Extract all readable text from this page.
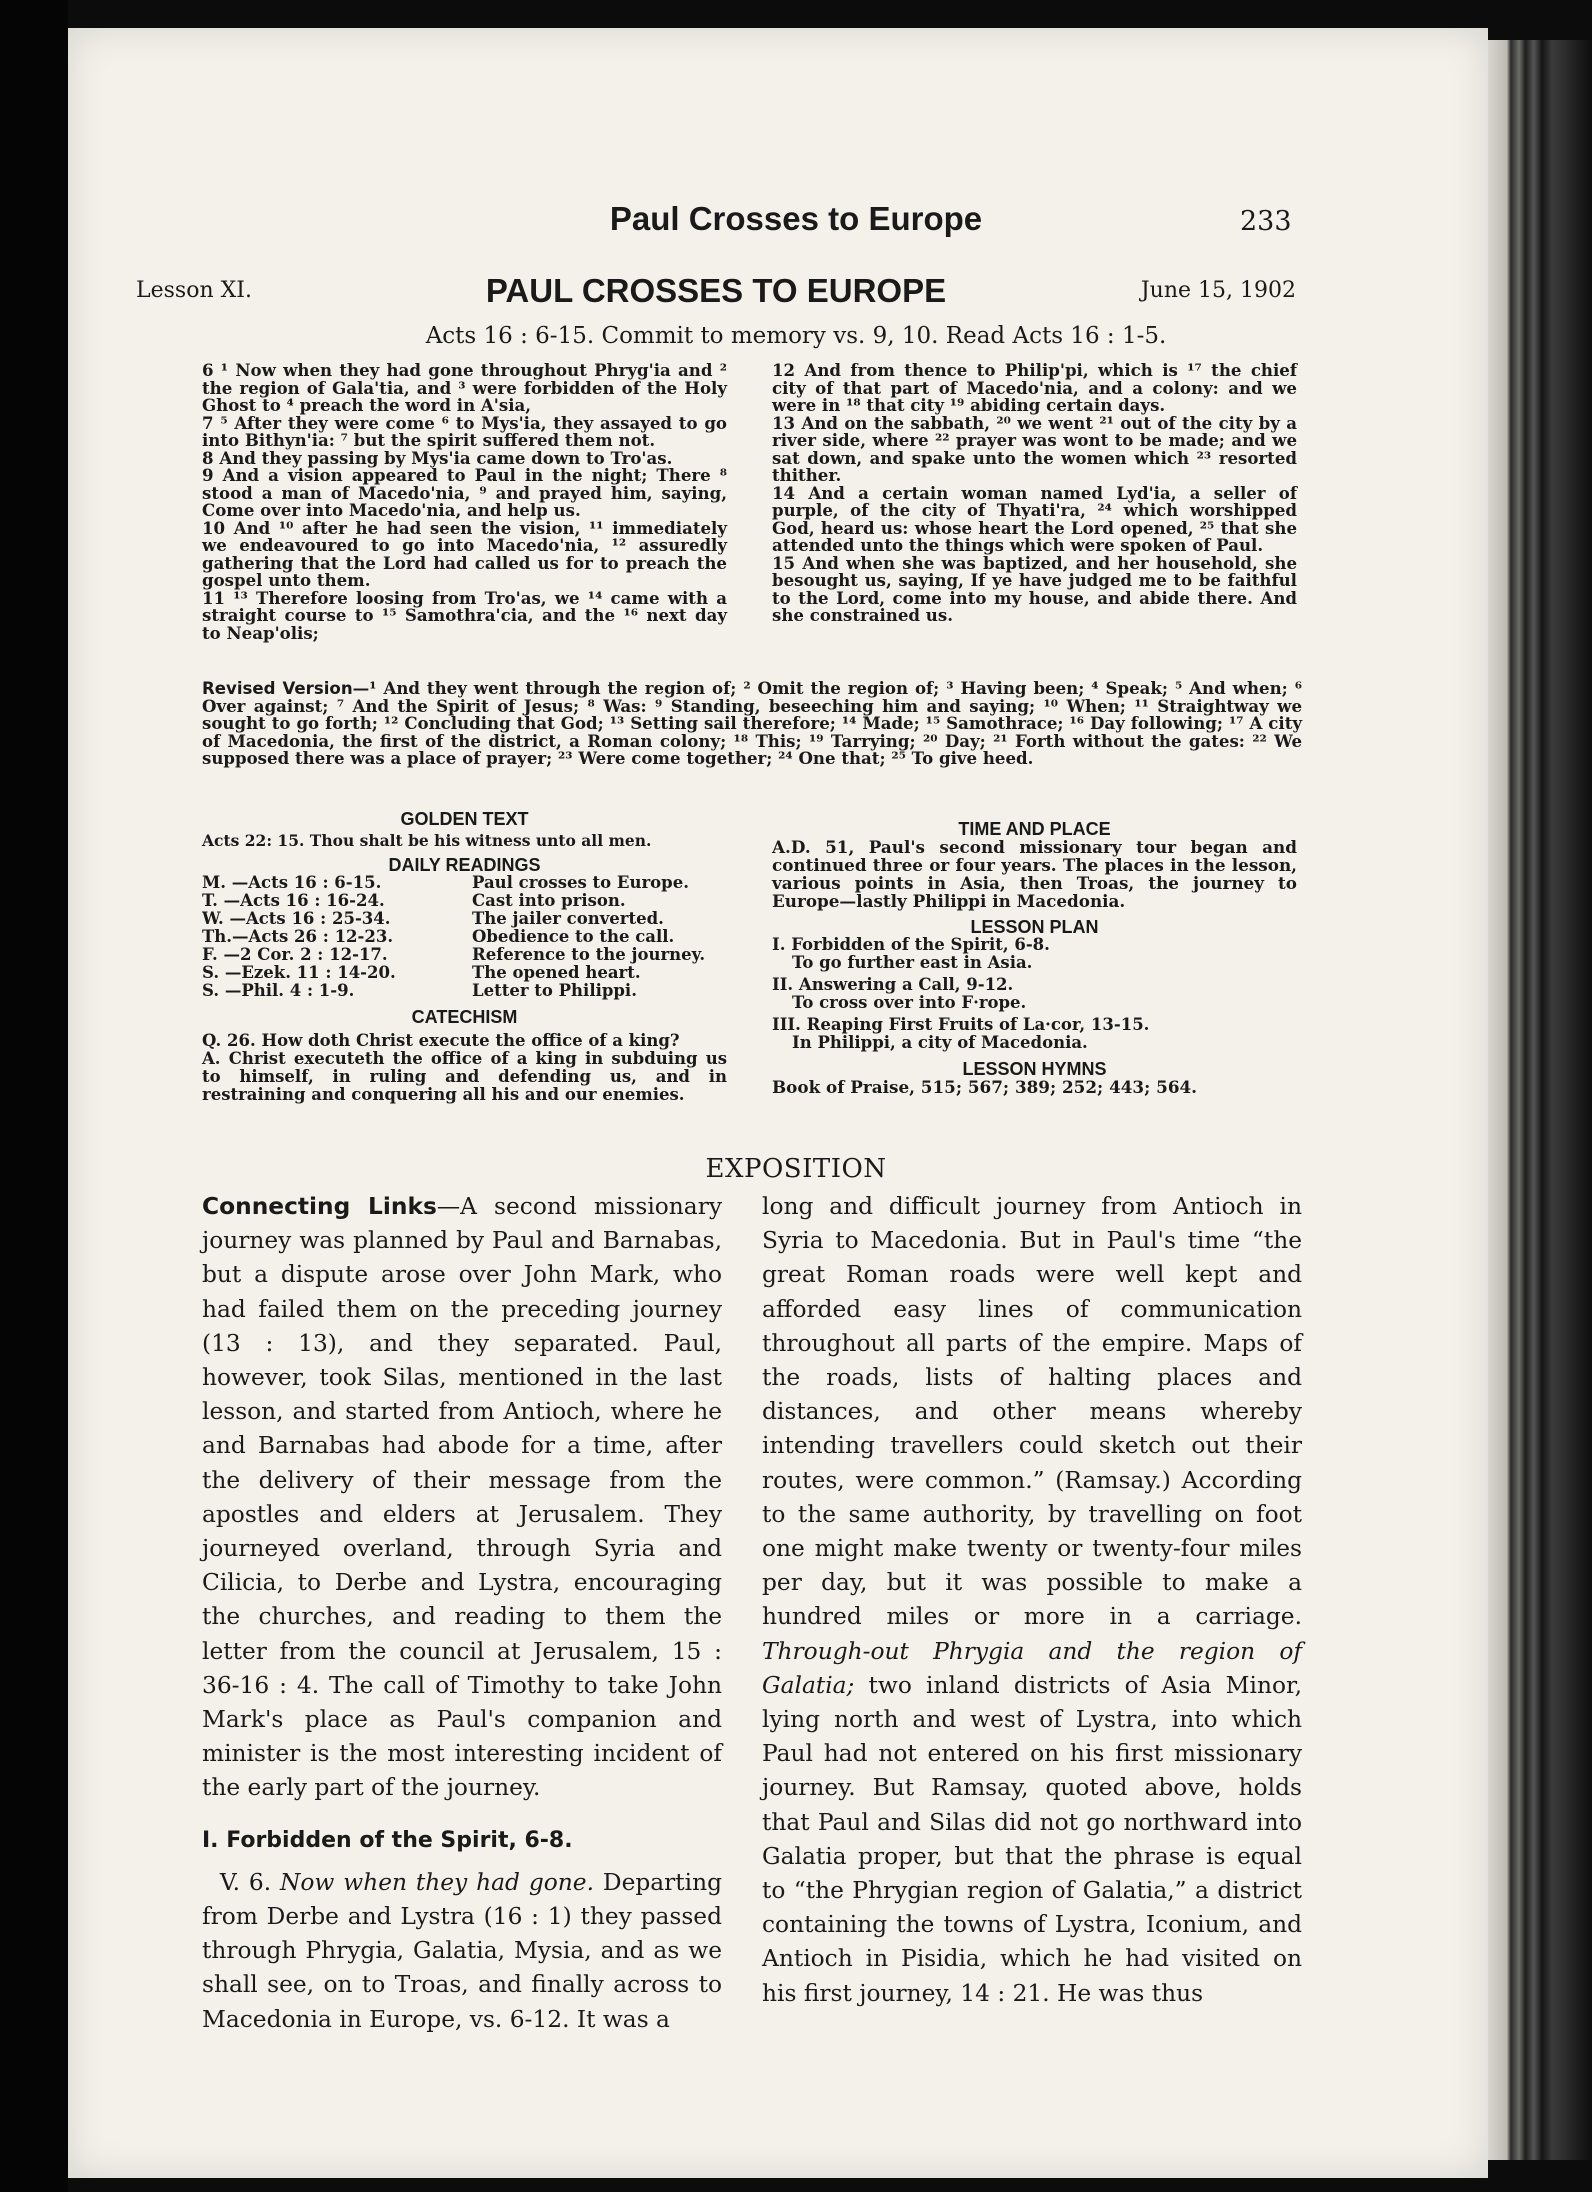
Paul Crosses to Europe	233
Lesson XI.	PAUL CROSSES TO EUROPE	June 15, 1902
Acts 16 : 6-15. Commit to memory vs. 9, 10. Read Acts 16 : 1-5.

6 ¹ Now when they had gone throughout Phryg'ia and ² the region of Gala'tia, and ³ were forbidden of the Holy Ghost to ⁴ preach the word in A'sia,

7 ⁵ After they were come ⁶ to Mys'ia, they assayed to go into Bithyn'ia: ⁷ but the spirit suffered them not.

8 And they passing by Mys'ia came down to Tro'as.

9 And a vision appeared to Paul in the night; There ⁸ stood a man of Macedo'nia, ⁹ and prayed him, saying, Come over into Macedo'nia, and help us.

10 And ¹⁰ after he had seen the vision, ¹¹ immediately we endeavoured to go into Macedo'nia, ¹² assuredly gathering that the Lord had called us for to preach the gospel unto them.

11 ¹³ Therefore loosing from Tro'as, we ¹⁴ came with a straight course to ¹⁵ Samothra'cia, and the ¹⁶ next day to Neap'olis;

12 And from thence to Philip'pi, which is ¹⁷ the chief city of that part of Macedo'nia, and a colony: and we were in ¹⁸ that city ¹⁹ abiding certain days.

13 And on the sabbath, ²⁰ we went ²¹ out of the city by a river side, where ²² prayer was wont to be made; and we sat down, and spake unto the women which ²³ resorted thither.

14 And a certain woman named Lyd'ia, a seller of purple, of the city of Thyati'ra, ²⁴ which worshipped God, heard us: whose heart the Lord opened, ²⁵ that she attended unto the things which were spoken of Paul.

15 And when she was baptized, and her household, she besought us, saying, If ye have judged me to be faithful to the Lord, come into my house, and abide there. And she constrained us.

Revised Version—¹ And they went through the region of; ² Omit the region of; ³ Having been; ⁴ Speak; ⁵ And when; ⁶ Over against; ⁷ And the Spirit of Jesus; ⁸ Was: ⁹ Standing, beseeching him and saying; ¹⁰ When; ¹¹ Straightway we sought to go forth; ¹² Concluding that God; ¹³ Setting sail therefore; ¹⁴ Made; ¹⁵ Samothrace; ¹⁶ Day following; ¹⁷ A city of Macedonia, the first of the district, a Roman colony; ¹⁸ This; ¹⁹ Tarrying; ²⁰ Day; ²¹ Forth without the gates: ²² We supposed there was a place of prayer; ²³ Were come together; ²⁴ One that; ²⁵ To give heed.

GOLDEN TEXT

Acts 22: 15. Thou shalt be his witness unto all men.

DAILY READINGS

M. —Acts 16 : 6-15.	Paul crosses to Europe.
T. —Acts 16 : 16-24.	Cast into prison.
W. —Acts 16 : 25-34.	The jailer converted.
Th.—Acts 26 : 12-23.	Obedience to the call.
F. —2 Cor. 2 : 12-17.	Reference to the journey.
S. —Ezek. 11 : 14-20.	The opened heart.
S. —Phil. 4 : 1-9.	Letter to Philippi.

CATECHISM

Q. 26. How doth Christ execute the office of a king?

A. Christ executeth the office of a king in subduing us to himself, in ruling and defending us, and in restraining and conquering all his and our enemies.

TIME AND PLACE

A.D. 51, Paul's second missionary tour began and continued three or four years. The places in the lesson, various points in Asia, then Troas, the journey to Europe—lastly Philippi in Macedonia.

LESSON PLAN

I. Forbidden of the Spirit, 6-8.

To go further east in Asia.

II. Answering a Call, 9-12.

To cross over into F·rope.

III. Reaping First Fruits of La·cor, 13-15.

In Philippi, a city of Macedonia.

LESSON HYMNS

Book of Praise, 515; 567; 389; 252; 443; 564.

EXPOSITION

Connecting Links—A second missionary journey was planned by Paul and Barnabas, but a dispute arose over John Mark, who had failed them on the preceding journey (13 : 13), and they separated. Paul, however, took Silas, mentioned in the last lesson, and started from Antioch, where he and Barnabas had abode for a time, after the delivery of their message from the apostles and elders at Jerusalem. They journeyed overland, through Syria and Cilicia, to Derbe and Lystra, encouraging the churches, and reading to them the letter from the council at Jerusalem, 15 : 36-16 : 4. The call of Timothy to take John Mark's place as Paul's companion and minister is the most interesting incident of the early part of the journey.

I. Forbidden of the Spirit, 6-8.

V. 6. Now when they had gone. Departing from Derbe and Lystra (16 : 1) they passed through Phrygia, Galatia, Mysia, and as we shall see, on to Troas, and finally across to Macedonia in Europe, vs. 6-12. It was a

long and difficult journey from Antioch in Syria to Macedonia. But in Paul's time “the great Roman roads were well kept and afforded easy lines of communication throughout all parts of the empire. Maps of the roads, lists of halting places and distances, and other means whereby intending travellers could sketch out their routes, were common.” (Ramsay.) According to the same authority, by travelling on foot one might make twenty or twenty-four miles per day, but it was possible to make a hundred miles or more in a carriage. Through-out Phrygia and the region of Galatia; two inland districts of Asia Minor, lying north and west of Lystra, into which Paul had not entered on his first missionary journey. But Ramsay, quoted above, holds that Paul and Silas did not go northward into Galatia proper, but that the phrase is equal to “the Phrygian region of Galatia,” a district containing the towns of Lystra, Iconium, and Antioch in Pisidia, which he had visited on his first journey, 14 : 21. He was thus
